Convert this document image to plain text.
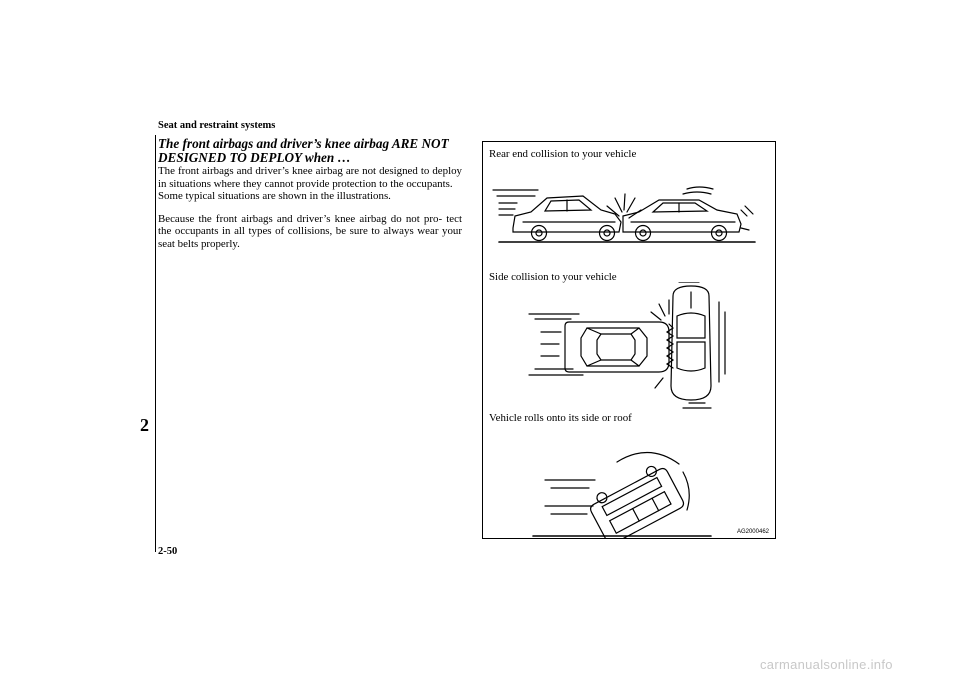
Seat and restraint systems
2

The front airbags and driver’s knee airbag ARE NOT
DESIGNED TO DEPLOY when …

The front airbags and driver’s knee airbag are not designed to deploy in situations where they cannot provide protection to the occupants.
Some typical situations are shown in the illustrations.

Because the front airbags and driver’s knee airbag do not pro- tect the occupants in all types of collisions, be sure to always wear your seat belts properly.

Rear end collision to your vehicle
Side collision to your vehicle
Vehicle rolls onto its side or roof
AG2000462
2-50
carmanualsonline.info
